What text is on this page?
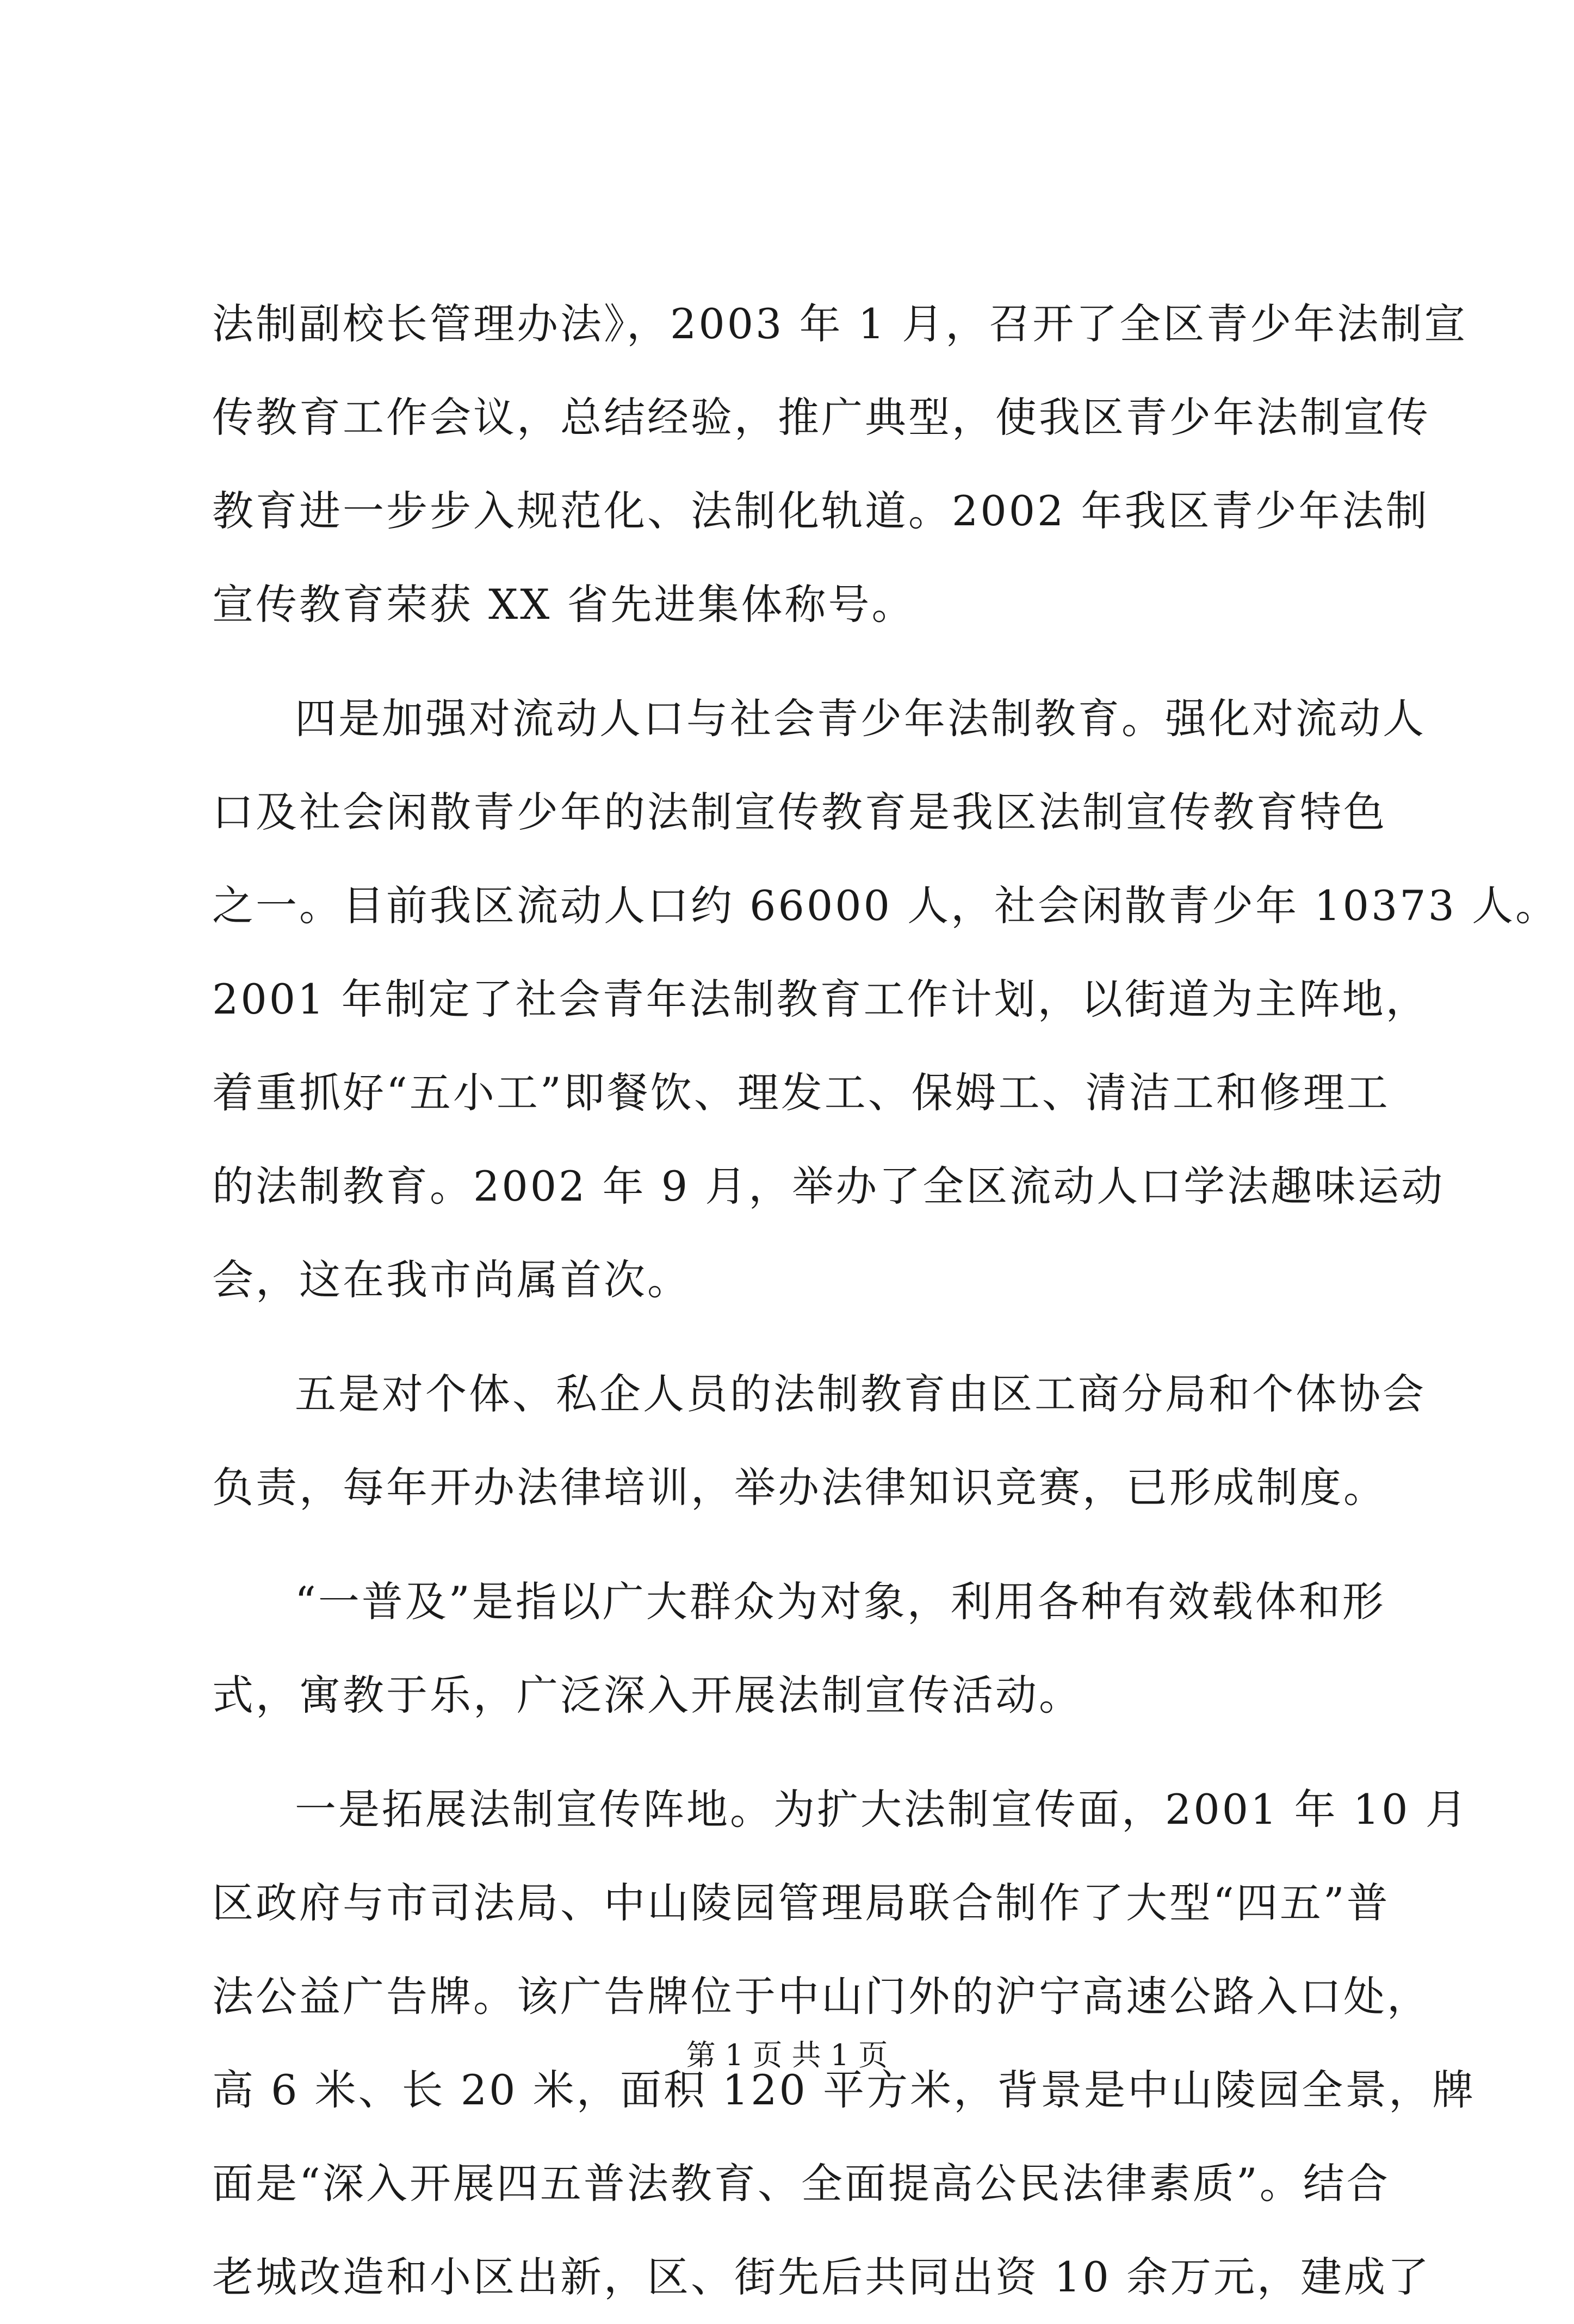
法制副校长管理办法》，2003 年 1 月，召开了全区青少年法制宣
传教育工作会议，总结经验，推广典型，使我区青少年法制宣传
教育进一步步入规范化、法制化轨道。2002 年我区青少年法制
宣传教育荣获 XX 省先进集体称号。
四是加强对流动人口与社会青少年法制教育。强化对流动人
口及社会闲散青少年的法制宣传教育是我区法制宣传教育特色
之一。目前我区流动人口约 66000 人，社会闲散青少年 10373 人。
2001 年制定了社会青年法制教育工作计划，以街道为主阵地，
着重抓好“五小工”即餐饮、理发工、保姆工、清洁工和修理工
的法制教育。2002 年 9 月，举办了全区流动人口学法趣味运动
会，这在我市尚属首次。
五是对个体、私企人员的法制教育由区工商分局和个体协会
负责，每年开办法律培训，举办法律知识竞赛，已形成制度。
“一普及”是指以广大群众为对象，利用各种有效载体和形
式，寓教于乐，广泛深入开展法制宣传活动。
一是拓展法制宣传阵地。为扩大法制宣传面，2001 年 10 月
区政府与市司法局、中山陵园管理局联合制作了大型“四五”普
法公益广告牌。该广告牌位于中山门外的沪宁高速公路入口处，
高 6 米、长 20 米，面积 120 平方米，背景是中山陵园全景，牌
面是“深入开展四五普法教育、全面提高公民法律素质”。结合
老城改造和小区出新，区、街先后共同出资 10 余万元，建成了
第 1 页 共 1 页
